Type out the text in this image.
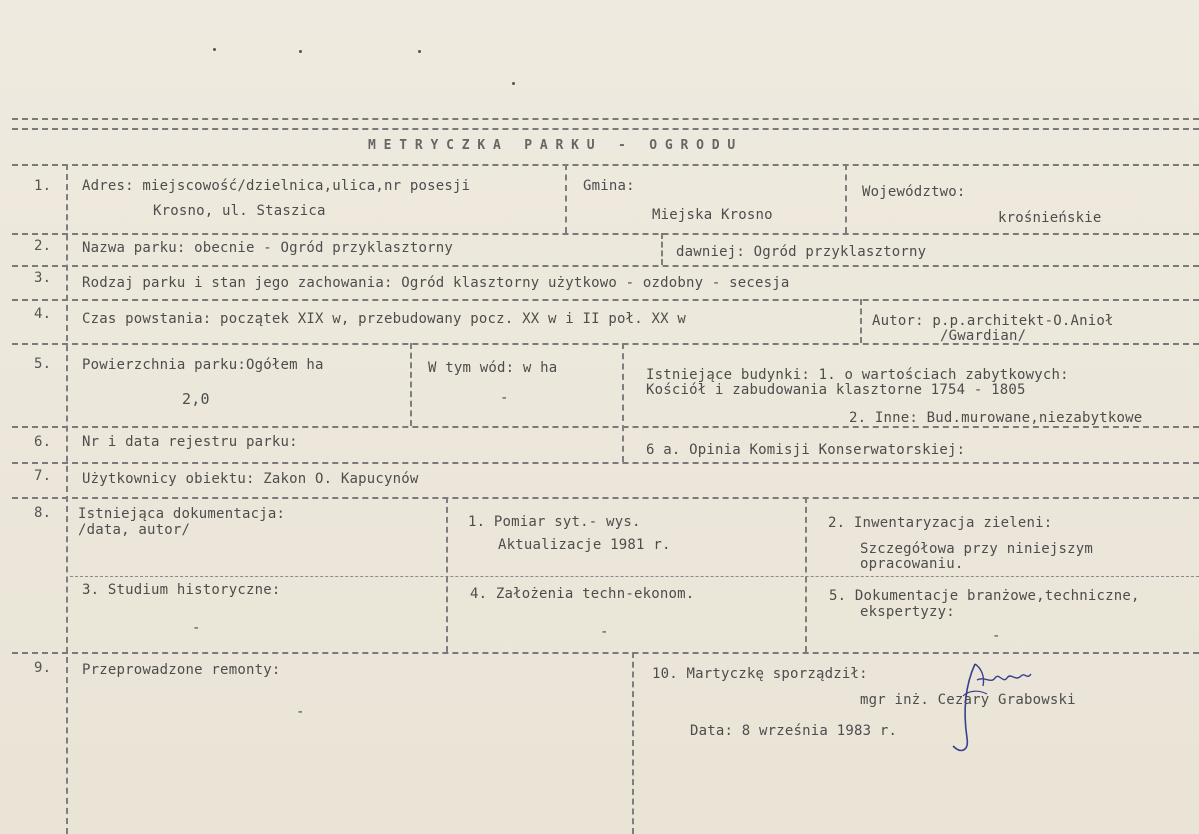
METRYCZKA PARKU - OGRODU
1. Adres: miejscowość/dzielnica,ulica,nr posesji
Krosno, ul. Staszica
Gmina:
Miejska Krosno
Województwo:
krośnieńskie
2. Nazwa parku: obecnie - Ogród przyklasztorny	dawniej: Ogród przyklasztorny
3. Rodzaj parku i stan jego zachowania: Ogród klasztorny użytkowo - ozdobny - secesja
4. Czas powstania: początek XIX w, przebudowany pocz. XX w i II poł. XX w	Autor: p.p.architekt-O.Anioł
/Gwardian/
5. Powierzchnia parku:Ogółem ha
2,0
W tym wód: w ha
-
Istniejące budynki: 1. o wartościach zabytkowych:
Kościół i zabudowania klasztorne 1754 - 1805
2. Inne: Bud.murowane,niezabytkowe
6. Nr i data rejestru parku:	6 a. Opinia Komisji Konserwatorskiej:
7. Użytkownicy obiektu: Zakon O. Kapucynów
8. Istniejąca dokumentacja:
/data, autor/	1. Pomiar syt.- wys.
Aktualizacje 1981 r.
2. Inwentaryzacja zieleni:
Szczegółowa przy niniejszym
opracowaniu.
3. Studium historyczne:
-
4. Założenia techn-ekonom.
-
5. Dokumentacje branżowe,techniczne,
ekspertyzy:
-
9. Przeprowadzone remonty:
-
10. Martyczkę sporządził:
mgr inż. Cezary Grabowski
Data: 8 września 1983 r.
